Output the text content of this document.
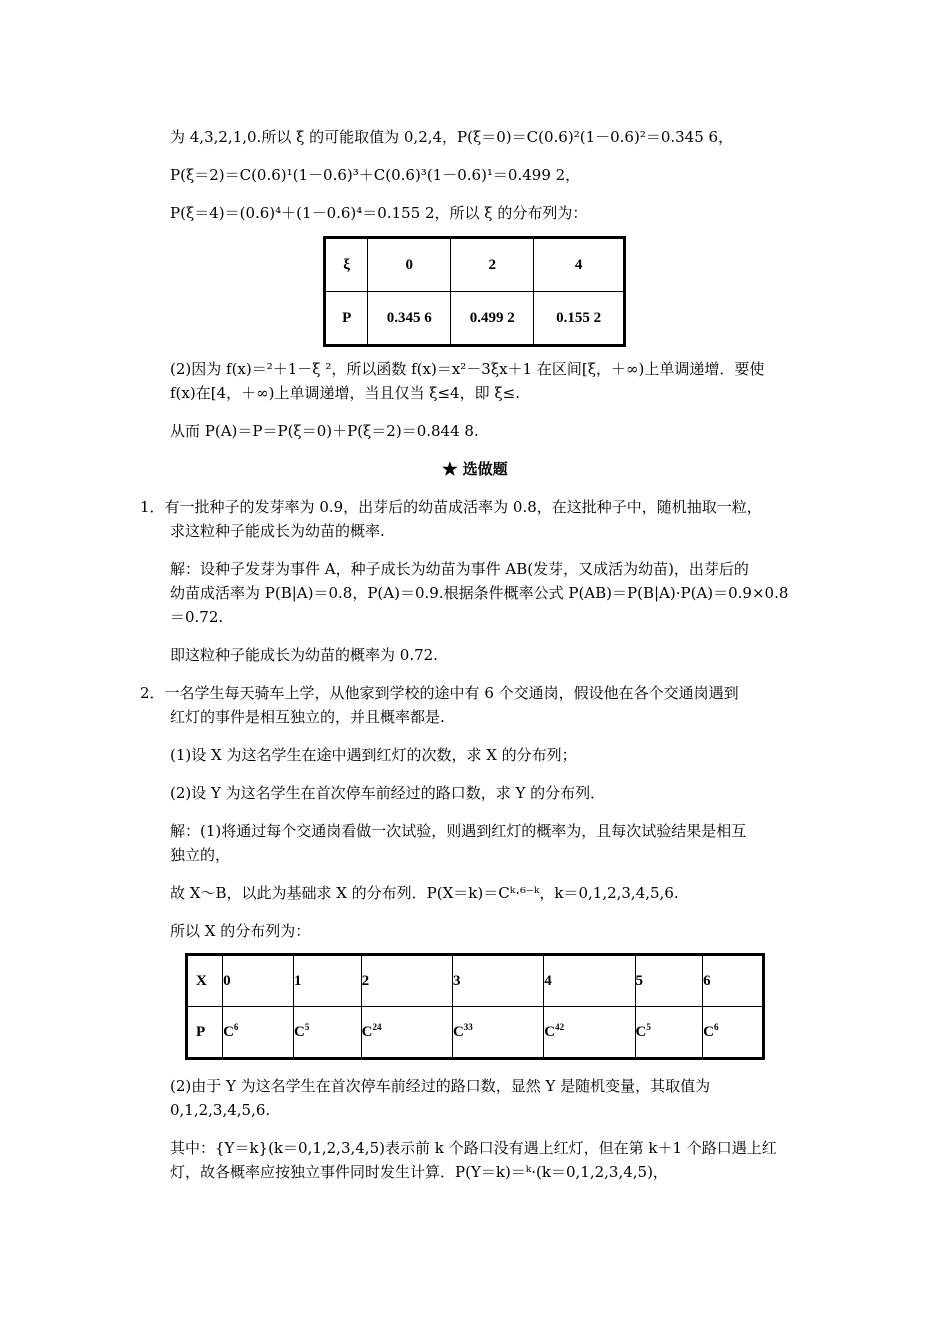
为 4,3,2,1,0.所以 ξ 的可能取值为 0,2,4，P(ξ＝0)＝C(0.6)²(1－0.6)²＝0.345 6，
P(ξ＝2)＝C(0.6)¹(1－0.6)³＋C(0.6)³(1－0.6)¹＝0.499 2，
P(ξ＝4)＝(0.6)⁴＋(1－0.6)⁴＝0.155 2，所以 ξ 的分布列为：
ξ	0	2	4
P	0.345 6	0.499 2	0.155 2
(2)因为 f(x)＝²＋1－ξ ²，所以函数 f(x)＝x²－3ξx＋1 在区间[ξ，＋∞)上单调递增．要使
f(x)在[4，＋∞)上单调递增，当且仅当 ξ≤4，即 ξ≤.
从而 P(A)＝P＝P(ξ＝0)＋P(ξ＝2)＝0.844 8.
★ 选做题
1．有一批种子的发芽率为 0.9，出芽后的幼苗成活率为 0.8，在这批种子中，随机抽取一粒，
求这粒种子能成长为幼苗的概率.
解：设种子发芽为事件 A，种子成长为幼苗为事件 AB(发芽，又成活为幼苗)，出芽后的
幼苗成活率为 P(B|A)＝0.8，P(A)＝0.9.根据条件概率公式 P(AB)＝P(B|A)·P(A)＝0.9×0.8
＝0.72.
即这粒种子能成长为幼苗的概率为 0.72.
2．一名学生每天骑车上学，从他家到学校的途中有 6 个交通岗，假设他在各个交通岗遇到
红灯的事件是相互独立的，并且概率都是.
(1)设 X 为这名学生在途中遇到红灯的次数，求 X 的分布列；
(2)设 Y 为这名学生在首次停车前经过的路口数，求 Y 的分布列．
解：(1)将通过每个交通岗看做一次试验，则遇到红灯的概率为，且每次试验结果是相互
独立的，
故 X～B，以此为基础求 X 的分布列．P(X＝k)＝Cᵏ·⁶⁻ᵏ，k＝0,1,2,3,4,5,6.
所以 X 的分布列为：
X	0	1	2	3	4	5	6
P	$C^6$	$C^5$	$C^{24}$	$C^{33}$	$C^{42}$	$C^5$	$C^6$
(2)由于 Y 为这名学生在首次停车前经过的路口数，显然 Y 是随机变量，其取值为
0,1,2,3,4,5,6.
其中：{Y＝k}(k＝0,1,2,3,4,5)表示前 k 个路口没有遇上红灯，但在第 k＋1 个路口遇上红
灯，故各概率应按独立事件同时发生计算．P(Y＝k)＝ᵏ·(k＝0,1,2,3,4,5)，
